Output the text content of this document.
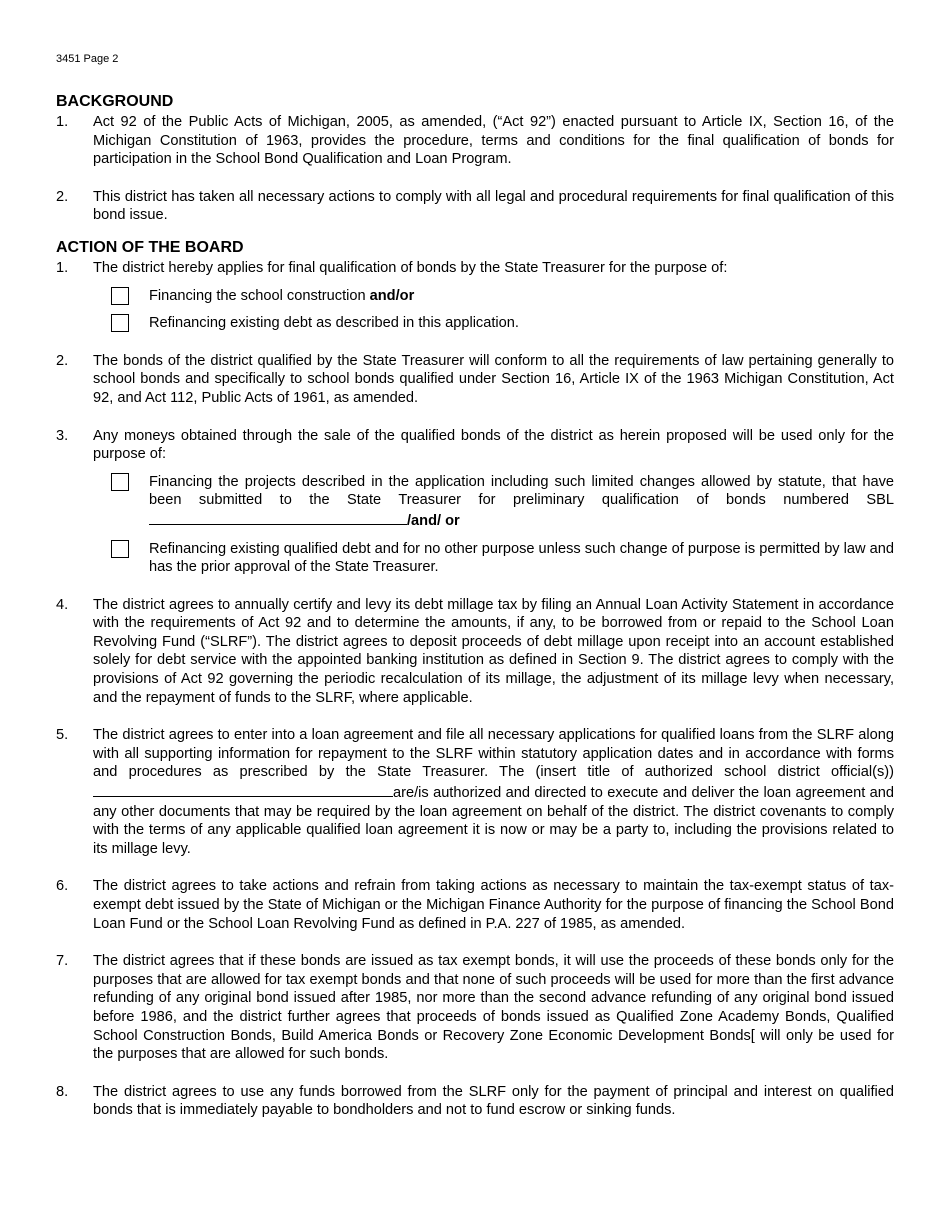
3451 Page 2
BACKGROUND
1. Act 92 of the Public Acts of Michigan, 2005, as amended, (“Act 92”) enacted pursuant to Article IX, Section 16, of the Michigan Constitution of 1963, provides the procedure, terms and conditions for the final qualification of bonds for participation in the School Bond Qualification and Loan Program.
2. This district has taken all necessary actions to comply with all legal and procedural requirements for final qualification of this bond issue.
ACTION OF THE BOARD
1. The district hereby applies for final qualification of bonds by the State Treasurer for the purpose of:
Financing the school construction and/or
Refinancing existing debt as described in this application.
2. The bonds of the district qualified by the State Treasurer will conform to all the requirements of law pertaining generally to school bonds and specifically to school bonds qualified under Section 16, Article IX of the 1963 Michigan Constitution, Act 92, and Act 112, Public Acts of 1961, as amended.
3. Any moneys obtained through the sale of the qualified bonds of the district as herein proposed will be used only for the purpose of:
Financing the projects described in the application including such limited changes allowed by statute, that have been submitted to the State Treasurer for preliminary qualification of bonds numbered SBL/and/ or
Refinancing existing qualified debt and for no other purpose unless such change of purpose is permitted by law and has the prior approval of the State Treasurer.
4. The district agrees to annually certify and levy its debt millage tax by filing an Annual Loan Activity Statement in accordance with the requirements of Act 92 and to determine the amounts, if any, to be borrowed from or repaid to the School Loan Revolving Fund (“SLRF”). The district agrees to deposit proceeds of debt millage upon receipt into an account established solely for debt service with the appointed banking institution as defined in Section 9. The district agrees to comply with the provisions of Act 92 governing the periodic recalculation of its millage, the adjustment of its millage levy when necessary, and the repayment of funds to the SLRF, where applicable.
5. The district agrees to enter into a loan agreement and file all necessary applications for qualified loans from the SLRF along with all supporting information for repayment to the SLRF within statutory application dates and in accordance with forms and procedures as prescribed by the State Treasurer. The (insert title of authorized school district official(s)) are/is authorized and directed to execute and deliver the loan agreement and any other documents that may be required by the loan agreement on behalf of the district. The district covenants to comply with the terms of any applicable qualified loan agreement it is now or may be a party to, including the provisions related to its millage levy.
6. The district agrees to take actions and refrain from taking actions as necessary to maintain the tax-exempt status of tax-exempt debt issued by the State of Michigan or the Michigan Finance Authority for the purpose of financing the School Bond Loan Fund or the School Loan Revolving Fund as defined in P.A. 227 of 1985, as amended.
7. The district agrees that if these bonds are issued as tax exempt bonds, it will use the proceeds of these bonds only for the purposes that are allowed for tax exempt bonds and that none of such proceeds will be used for more than the first advance refunding of any original bond issued after 1985, nor more than the second advance refunding of any original bond issued before 1986, and the district further agrees that proceeds of bonds issued as Qualified Zone Academy Bonds, Qualified School Construction Bonds, Build America Bonds or Recovery Zone Economic Development Bonds[ will only be used for the purposes that are allowed for such bonds.
8. The district agrees to use any funds borrowed from the SLRF only for the payment of principal and interest on qualified bonds that is immediately payable to bondholders and not to fund escrow or sinking funds.
